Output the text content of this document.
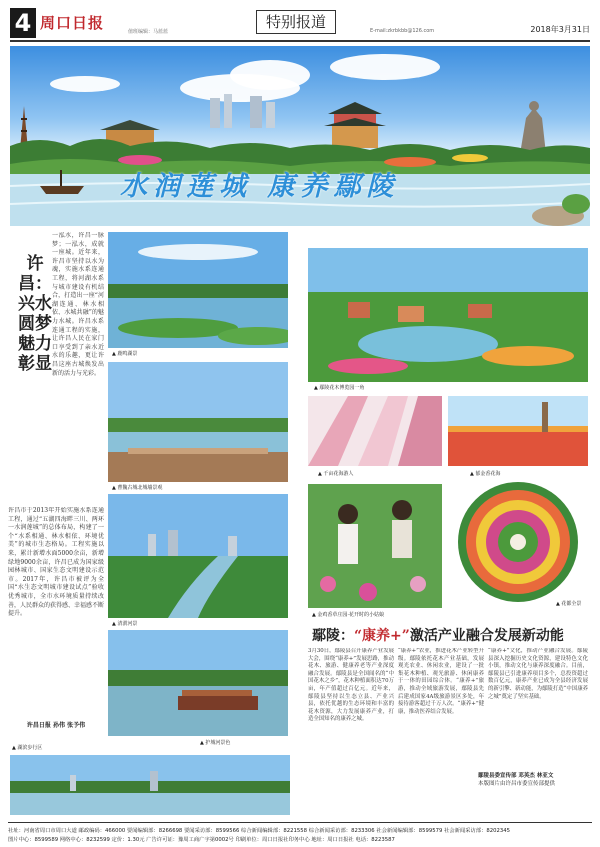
4 周口日报	值班编辑：马蓝蓝
特别报道	E-mail:zkrbkbb@126.com	2018年3月31日
水润莲城 康养鄢陵
许昌：兴水圆梦 魅力彰显
一泓水，许昌一脉梦；一泓水，成就一座城。近年来，许昌市坚持以水为魂，实施水系连通工程，将河湖水系与城市建设有机结合，打造出一座“河湖连通、林水相依、水城共融”的魅力水城。许昌水系连通工程的实施，让许昌人民在家门口享受到了亲水近水的乐趣，更让许昌这座古城焕发出新的活力与光彩。
许昌市于2013年开始实施水系连通工程，通过“五湖四海畔三川、两环一水润莲城”的总体布局，构建了一个“水系相通、林水相依、环境优美”的城市生态格局。工程实施以来，累计新增水面5000余亩，新增绿地9000余亩，许昌已成为国家级园林城市、国家生态文明建设示范市。2017年，许昌市被评为全国“水生态文明城市建设试点”验收优秀城市，全市水环境质量持续改善，人民群众的获得感、幸福感不断提升。
许昌日报 孙伟 张予伟
▲ 鹿鸣湖景
▲ 曹魏古城北城墙景观
▲ 清潩河景
▲ 护城河景色
▲ 湖滨步行区
▲ 鄢陵花木博览园一角
▲ 千亩花海游人	▲ 郁金香花海
▲ 金鸡香草庄园·花开时的小姑娘
▲ 花都全景
鄢陵：“康养+”激活产业融合发展新动能
3月30日，鄢陵县召开康养产业发展大会，围绕“康养+”发展思路，推动花木、旅游、健康养老等产业深度融合发展。鄢陵县是全国闻名的“中国花木之乡”，花木种植面积达70万亩，年产值超过百亿元。近年来，鄢陵县坚持以生态立县、产业兴县，依托优越的生态环境和丰富的花木资源，大力发展康养产业，打造全国知名的康养之城。
“康养+”农业，推进花木产业转型升级。鄢陵依托花木产业基础，发展观光农业、休闲农业，建设了一批集花木种植、观光旅游、休闲康养于一体的田园综合体。“康养+”旅游，推动全域旅游发展，鄢陵县先后建成国家4A级旅游景区多处，年接待游客超过千万人次。“康养+”健康，推动医养结合发展。
“康养+”文化，推动产业融合发展。鄢陵县深入挖掘历史文化资源，建设特色文化小镇，推动文化与康养深度融合。目前，鄢陵县已引进康养项目多个，总投资超过数百亿元，康养产业已成为全县经济发展的新引擎、新动能，为鄢陵打造“中国康养之城”奠定了坚实基础。
鄢陵县委宣传部 邓英杰 林亚文
本版图片由许昌市委宣传部提供
社址：河南省周口市周口大道 邮政编码：466000 要闻编辑部：8266698 要闻采访部：8599566 综合新闻编辑部：8221558 综合新闻采访部：8233306 社会新闻编辑部：8599579 社会新闻采访部：8202345
图片中心：8599589 网络中心：8232599 定价：1.30元 广告许可证：豫周工商广字第0002号 印刷单位：周口日报社印务中心 地址：周口日报社 电话：8223587
